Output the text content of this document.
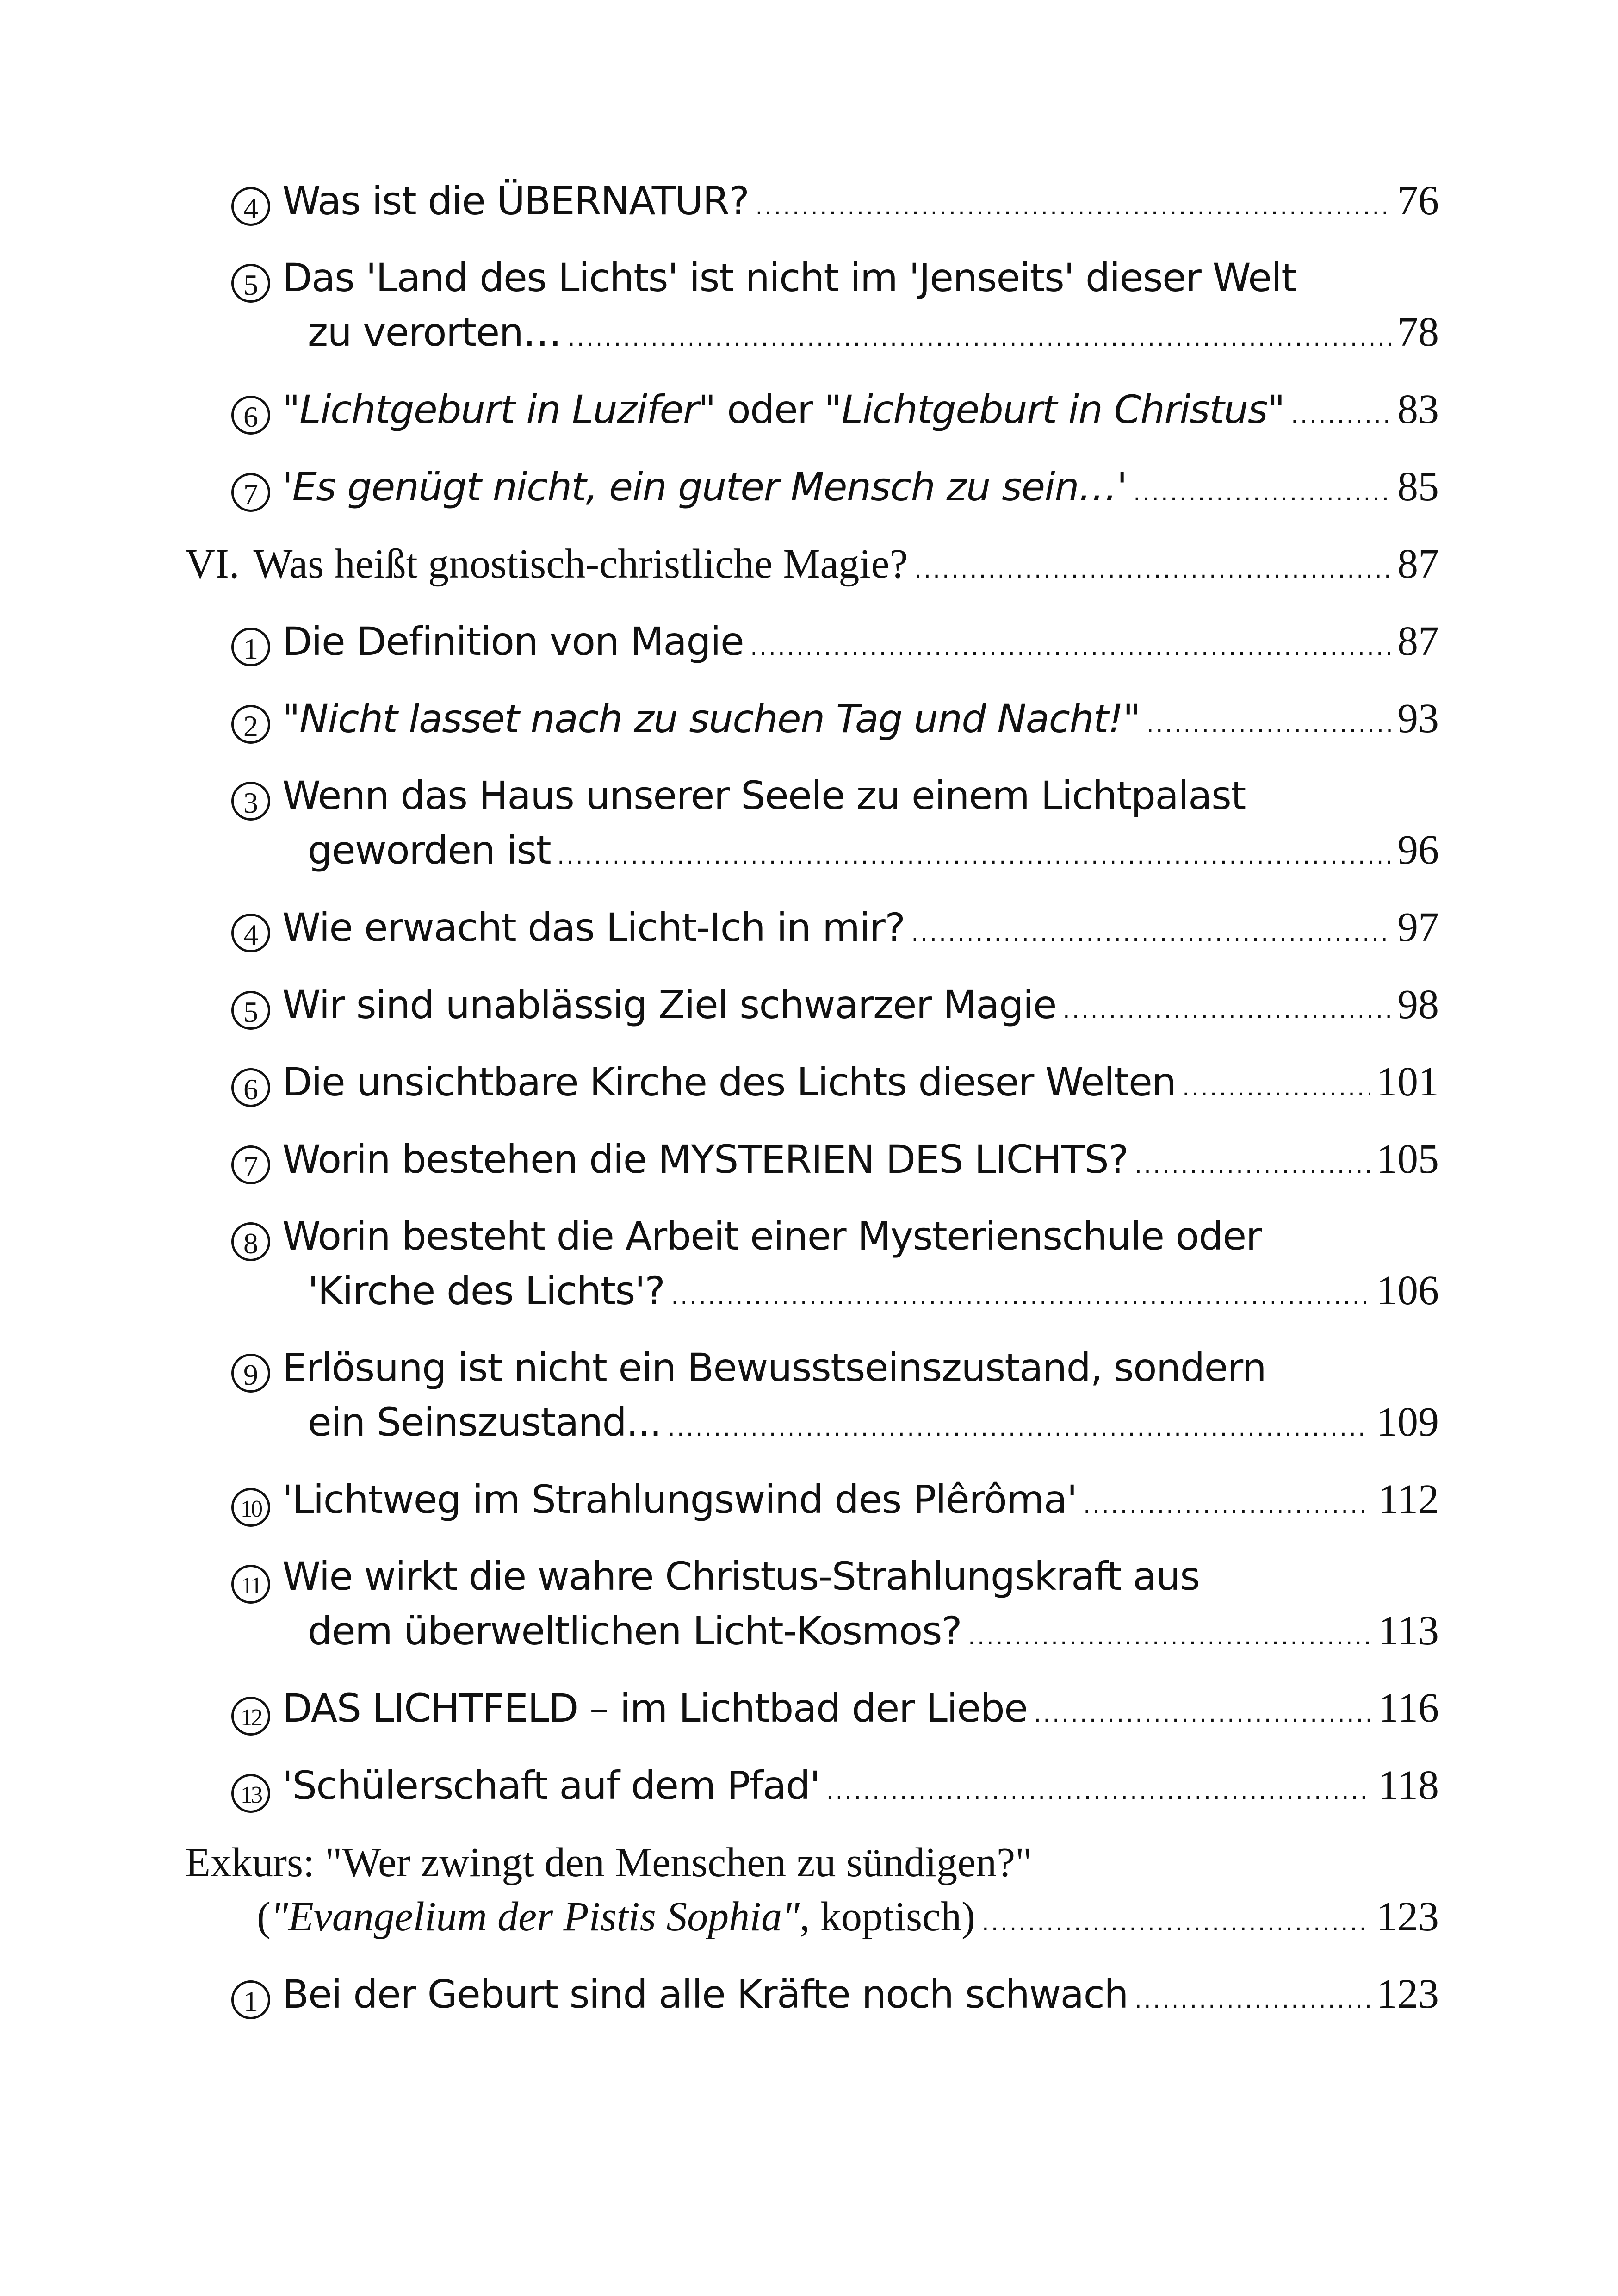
4 Was ist die ÜBERNATUR? .....	76
5 Das 'Land des Lichts' ist nicht im 'Jenseits' dieser Welt
zu verorten… .....	78
6 "Lichtgeburt in Luzifer" oder "Lichtgeburt in Christus" .....	83
7 'Es genügt nicht, ein guter Mensch zu sein…' .....	85
VI. Was heißt gnostisch-christliche Magie? .....	87
1 Die Definition von Magie .....	87
2 "Nicht lasset nach zu suchen Tag und Nacht!" .....	93
3 Wenn das Haus unserer Seele zu einem Lichtpalast
geworden ist .....	96
4 Wie erwacht das Licht-Ich in mir? .....	97
5 Wir sind unablässig Ziel schwarzer Magie .....	98
6 Die unsichtbare Kirche des Lichts dieser Welten .....	101
7 Worin bestehen die MYSTERIEN DES LICHTS? .....	105
8 Worin besteht die Arbeit einer Mysterienschule oder
'Kirche des Lichts'? .....	106
9 Erlösung ist nicht ein Bewusstseinszustand, sondern
ein Seinszustand... .....	109
10 'Lichtweg im Strahlungswind des Plêrôma' .....	112
11 Wie wirkt die wahre Christus-Strahlungskraft aus
dem überweltlichen Licht-Kosmos? .....	113
12 DAS LICHTFELD – im Lichtbad der Liebe .....	116
13 'Schülerschaft auf dem Pfad' .....	118
Exkurs: "Wer zwingt den Menschen zu sündigen?"
("Evangelium der Pistis Sophia", koptisch) .....	123
1 Bei der Geburt sind alle Kräfte noch schwach .....	123
